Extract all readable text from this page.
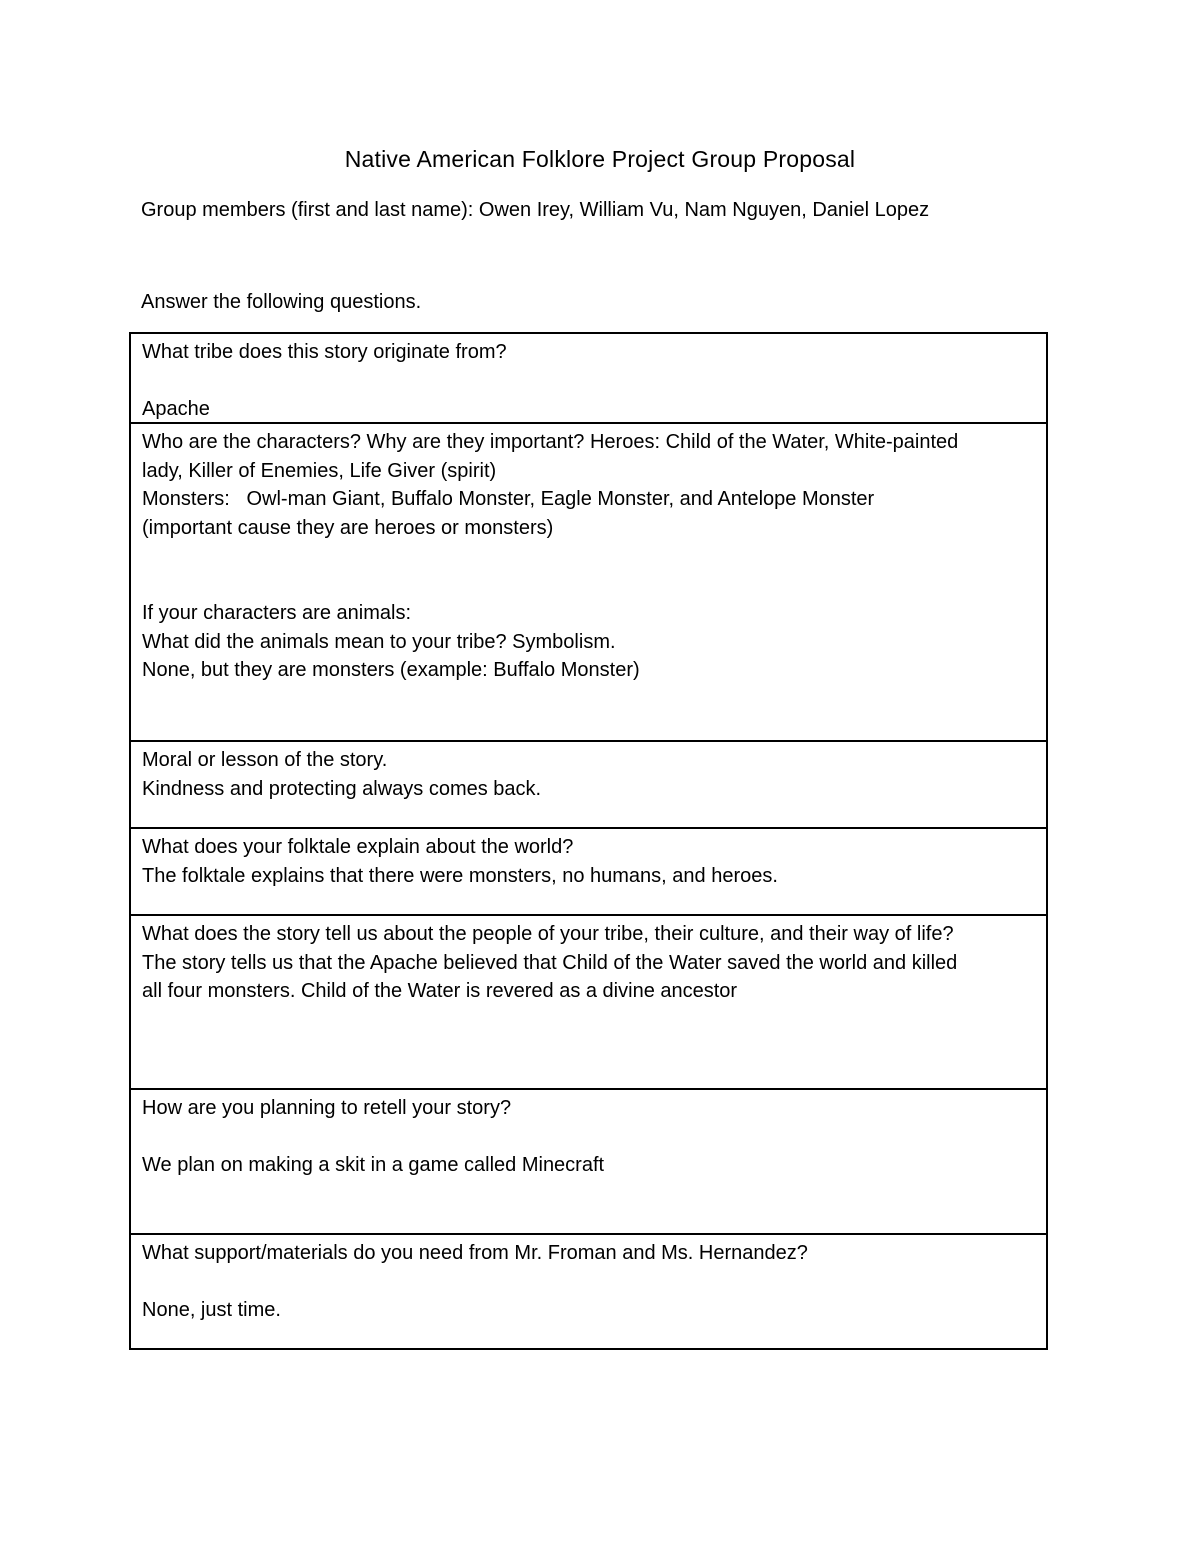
Native American Folklore Project Group Proposal
Group members (first and last name): Owen Irey, William Vu, Nam Nguyen, Daniel Lopez
Answer the following questions.
What tribe does this story originate from?
Apache
Who are the characters? Why are they important? Heroes: Child of the Water, White-painted
lady, Killer of Enemies, Life Giver (spirit)
Monsters:   Owl-man Giant, Buffalo Monster, Eagle Monster, and Antelope Monster
(important cause they are heroes or monsters)
If your characters are animals:
What did the animals mean to your tribe? Symbolism.
None, but they are monsters (example: Buffalo Monster)
Moral or lesson of the story.
Kindness and protecting always comes back.
What does your folktale explain about the world?
The folktale explains that there were monsters, no humans, and heroes.
What does the story tell us about the people of your tribe, their culture, and their way of life?
The story tells us that the Apache believed that Child of the Water saved the world and killed
all four monsters. Child of the Water is revered as a divine ancestor
How are you planning to retell your story?
We plan on making a skit in a game called Minecraft
What support/materials do you need from Mr. Froman and Ms. Hernandez?
None, just time.
